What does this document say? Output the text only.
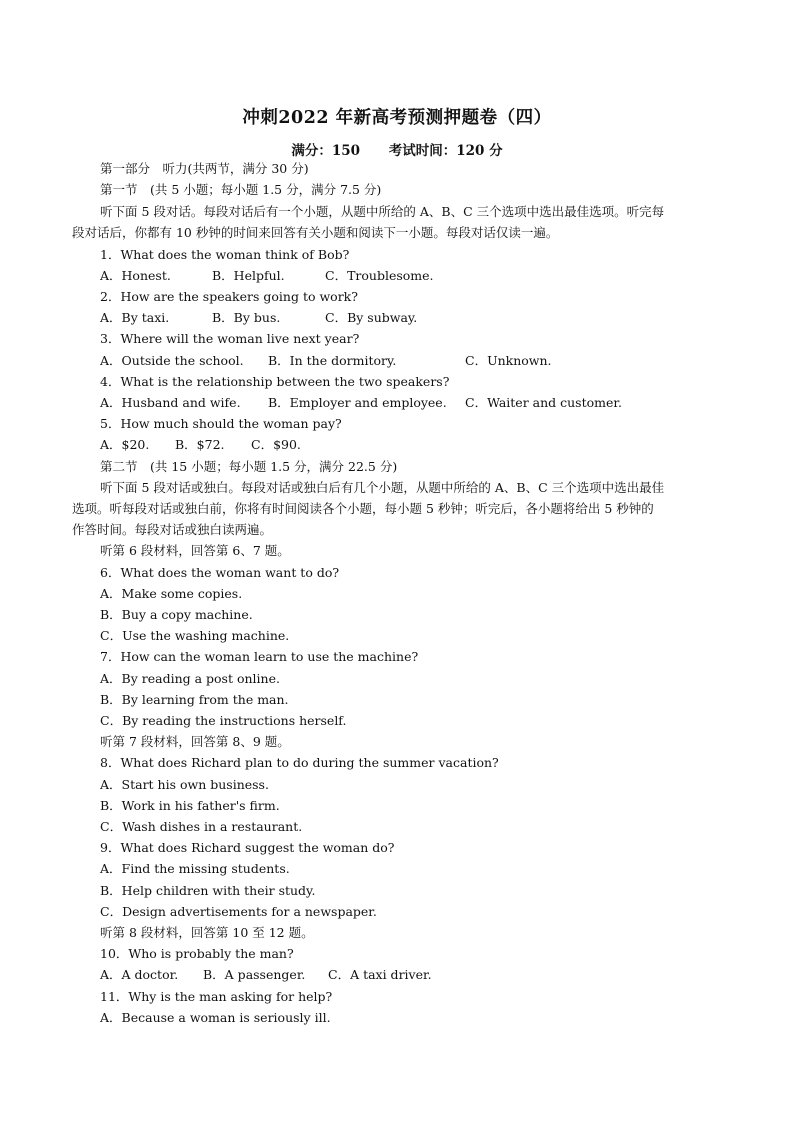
冲刺2022 年新高考预测押题卷（四）
满分：150 考试时间：120 分
第一部分　听力(共两节，满分 30 分)
第一节　(共 5 小题；每小题 1.5 分，满分 7.5 分)
听下面 5 段对话。每段对话后有一个小题，从题中所给的 A、B、C 三个选项中选出最佳选项。听完每
段对话后，你都有 10 秒钟的时间来回答有关小题和阅读下一小题。每段对话仅读一遍。
1．What does the woman think of Bob?
A．Honest.	B．Helpful.	C．Troublesome.
2．How are the speakers going to work?
A．By taxi.	B．By bus.	C．By subway.
3．Where will the woman live next year?
A．Outside the school. B．In the dormitory.	C．Unknown.
4．What is the relationship between the two speakers?
A．Husband and wife. B．Employer and employee. C．Waiter and customer.
5．How much should the woman pay?
A．$20. B．$72. C．$90.
第二节　(共 15 小题；每小题 1.5 分，满分 22.5 分)
听下面 5 段对话或独白。每段对话或独白后有几个小题，从题中所给的 A、B、C 三个选项中选出最佳
选项。听每段对话或独白前，你将有时间阅读各个小题，每小题 5 秒钟；听完后，各小题将给出 5 秒钟的
作答时间。每段对话或独白读两遍。
听第 6 段材料，回答第 6、7 题。
6．What does the woman want to do?
A．Make some copies.
B．Buy a copy machine.
C．Use the washing machine.
7．How can the woman learn to use the machine?
A．By reading a post online.
B．By learning from the man.
C．By reading the instructions herself.
听第 7 段材料，回答第 8、9 题。
8．What does Richard plan to do during the summer vacation?
A．Start his own business.
B．Work in his father's firm.
C．Wash dishes in a restaurant.
9．What does Richard suggest the woman do?
A．Find the missing students.
B．Help children with their study.
C．Design advertisements for a newspaper.
听第 8 段材料，回答第 10 至 12 题。
10．Who is probably the man?
A．A doctor. B．A passenger. C．A taxi driver.
11．Why is the man asking for help?
A．Because a woman is seriously ill.
